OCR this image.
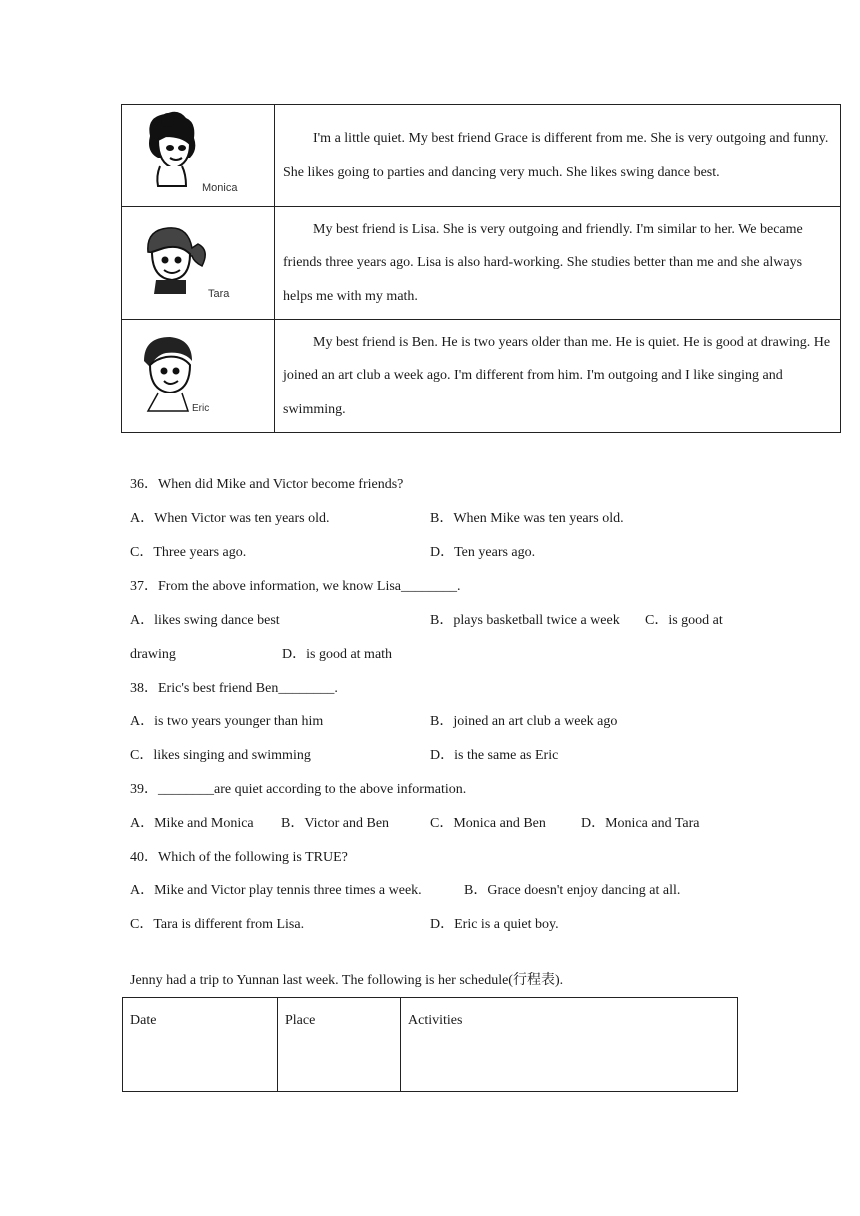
Monica	I'm a little quiet. My best friend Grace is different from me. She is very outgoing and funny. She likes going to parties and dancing very much. She likes swing dance best.

Tara	My best friend is Lisa. She is very outgoing and friendly. I'm similar to her. We became friends three years ago. Lisa is also hard-working. She studies better than me and she always helps me with my math.

Eric	My best friend is Ben. He is two years older than me. He is quiet. He is good at drawing. He joined an art club a week ago. I'm different from him. I'm outgoing and I like singing and swimming.
36．When did Mike and Victor become friends?
A．When Victor was ten years old.	B．When Mike was ten years old.
C．Three years ago.	D．Ten years ago.
37．From the above information, we know Lisa________.
A．likes swing dance best	B．plays basketball twice a week C．is good at
drawing	D．is good at math
38．Eric's best friend Ben________.
A．is two years younger than him	B．joined an art club a week ago
C．likes singing and swimming	D．is the same as Eric
39．________are quiet according to the above information.
A．Mike and Monica B．Victor and Ben	C．Monica and Ben	D．Monica and Tara
40．Which of the following is TRUE?
A．Mike and Victor play tennis three times a week.	B．Grace doesn't enjoy dancing at all.
C．Tara is different from Lisa.	D．Eric is a quiet boy.
Jenny had a trip to Yunnan last week. The following is her schedule(行程表).
Date	Place	Activities
